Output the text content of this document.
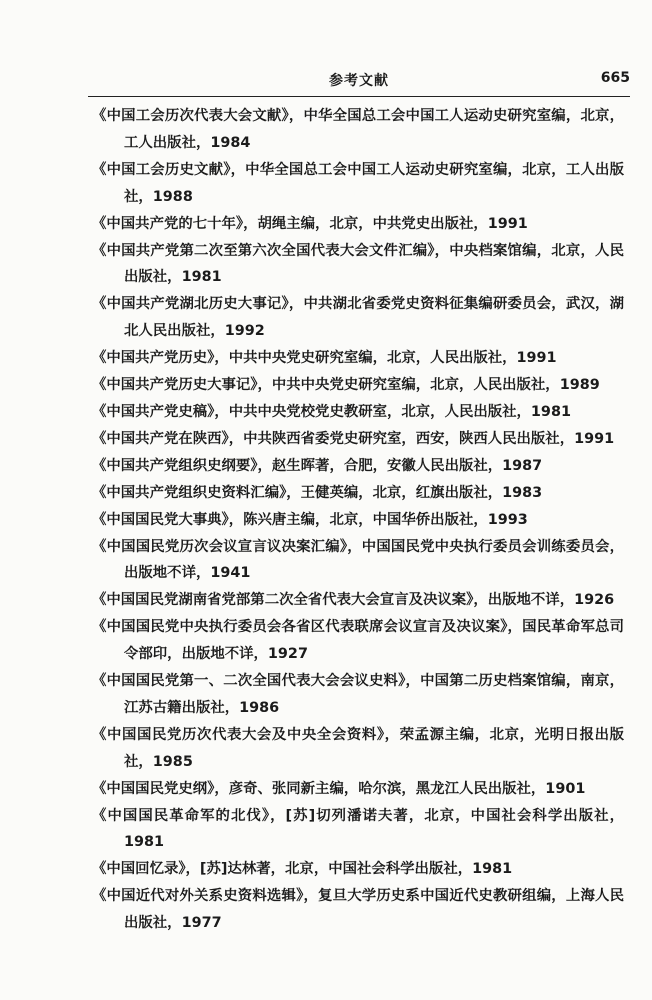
参考文献	665
《中国工会历次代表大会文献》，中华全国总工会中国工人运动史研究室编，北京，工人出版社，1984
《中国工会历史文献》，中华全国总工会中国工人运动史研究室编，北京，工人出版社，1988
《中国共产党的七十年》，胡绳主编，北京，中共党史出版社，1991
《中国共产党第二次至第六次全国代表大会文件汇编》，中央档案馆编，北京，人民出版社，1981
《中国共产党湖北历史大事记》，中共湖北省委党史资料征集编研委员会，武汉，湖北人民出版社，1992
《中国共产党历史》，中共中央党史研究室编，北京，人民出版社，1991
《中国共产党历史大事记》，中共中央党史研究室编，北京，人民出版社，1989
《中国共产党史稿》，中共中央党校党史教研室，北京，人民出版社，1981
《中国共产党在陕西》，中共陕西省委党史研究室，西安，陕西人民出版社，1991
《中国共产党组织史纲要》，赵生晖著，合肥，安徽人民出版社，1987
《中国共产党组织史资料汇编》，王健英编，北京，红旗出版社，1983
《中国国民党大事典》，陈兴唐主编，北京，中国华侨出版社，1993
《中国国民党历次会议宣言议决案汇编》，中国国民党中央执行委员会训练委员会，出版地不详，1941
《中国国民党湖南省党部第二次全省代表大会宣言及决议案》，出版地不详，1926
《中国国民党中央执行委员会各省区代表联席会议宣言及决议案》，国民革命军总司令部印，出版地不详，1927
《中国国民党第一、二次全国代表大会会议史料》，中国第二历史档案馆编，南京，江苏古籍出版社，1986
《中国国民党历次代表大会及中央全会资料》，荣孟源主编，北京，光明日报出版社，1985
《中国国民党史纲》，彦奇、张同新主编，哈尔滨，黑龙江人民出版社，1901
《中国国民革命军的北伐》，[苏]切列潘诺夫著，北京，中国社会科学出版社，1981
《中国回忆录》，[苏]达林著，北京，中国社会科学出版社，1981
《中国近代对外关系史资料选辑》，复旦大学历史系中国近代史教研组编，上海人民出版社，1977
